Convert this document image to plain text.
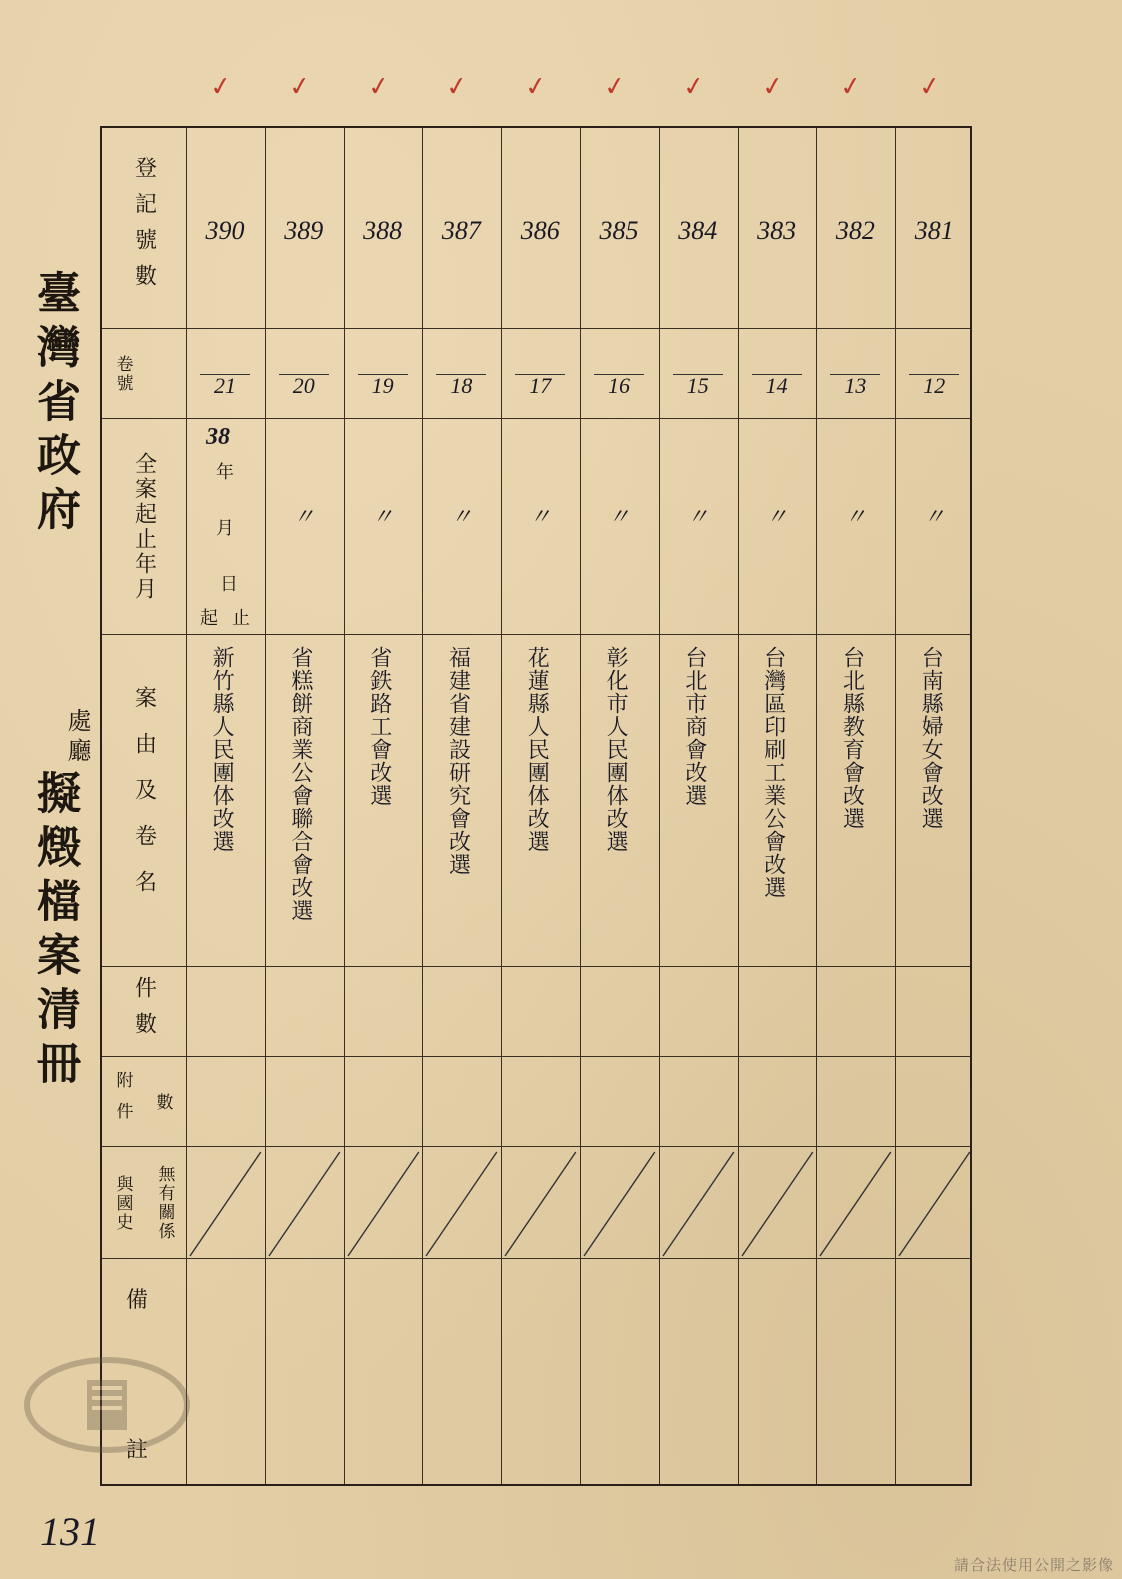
臺灣省政府
處廳
擬燬檔案清冊
✓ ✓ ✓ ✓ ✓ ✓ ✓ ✓ ✓ ✓
登記號數
卷號
全案起止年月
案由及卷名
件數
附件	數
與國史	無有關係
備
註
38
年
月
日
起 止
390
21
新竹縣人民團体改選
389
20
〃
省糕餅商業公會聯合會改選
388
19
〃
省鉄路工會改選
387
18
〃
福建省建設研究會改選
386
17
〃
花蓮縣人民團体改選
385
16
〃
彰化市人民團体改選
384
15
〃
台北市商會改選
383
14
〃
台灣區印刷工業公會改選
382
13
〃
台北縣教育會改選
381
12
〃
台南縣婦女會改選
131
請合法使用公開之影像
